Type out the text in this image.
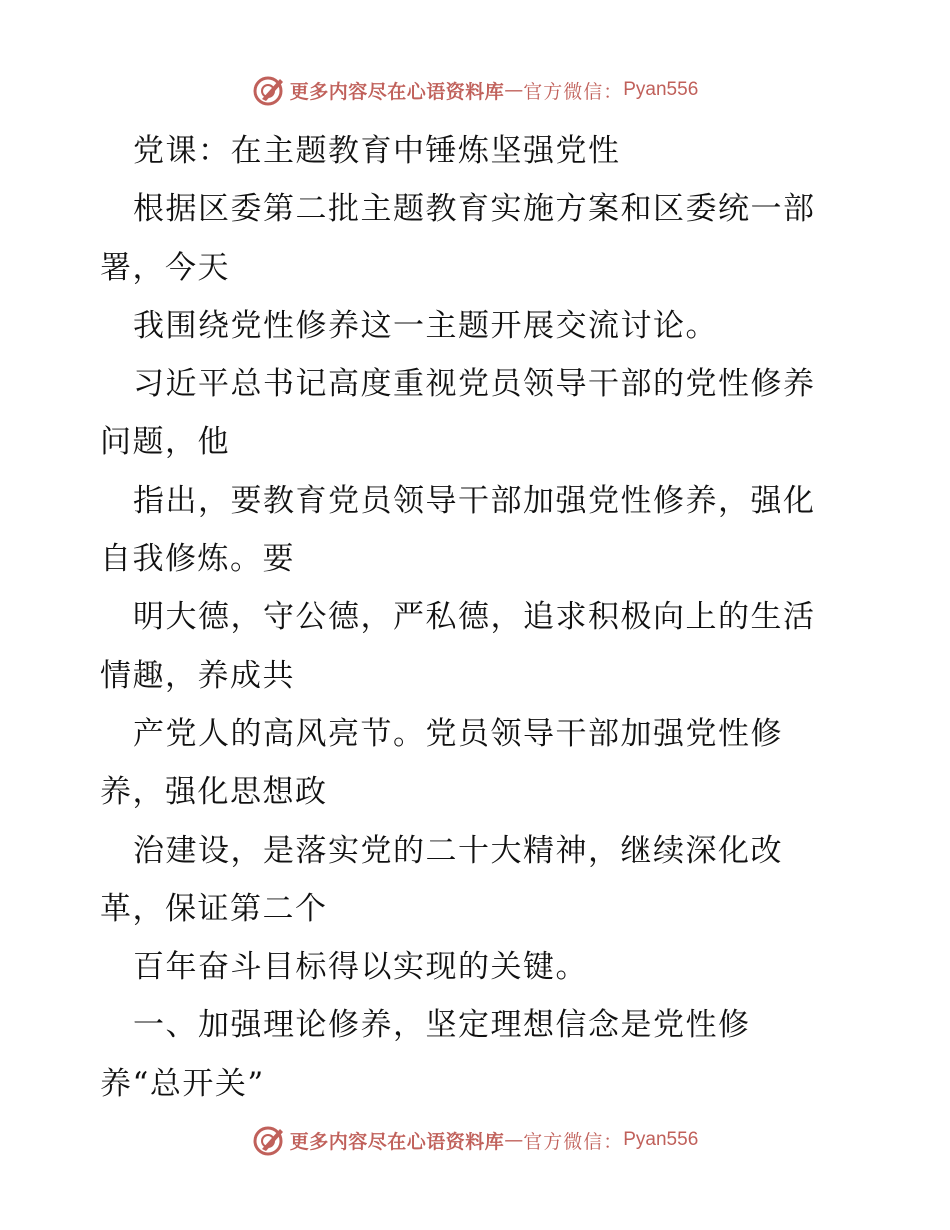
更多内容尽在心语资料库 — 官方微信： Pyan556
党课：在主题教育中锤炼坚强党性
根据区委第二批主题教育实施方案和区委统一部
署，今天
我围绕党性修养这一主题开展交流讨论。
习近平总书记高度重视党员领导干部的党性修养
问题，他
指出，要教育党员领导干部加强党性修养，强化
自我修炼。要
明大德，守公德，严私德，追求积极向上的生活
情趣，养成共
产党人的高风亮节。党员领导干部加强党性修
养，强化思想政
治建设，是落实党的二十大精神，继续深化改
革，保证第二个
百年奋斗目标得以实现的关键。
一、加强理论修养，坚定理想信念是党性修
养“总开关”
更多内容尽在心语资料库 — 官方微信： Pyan556
